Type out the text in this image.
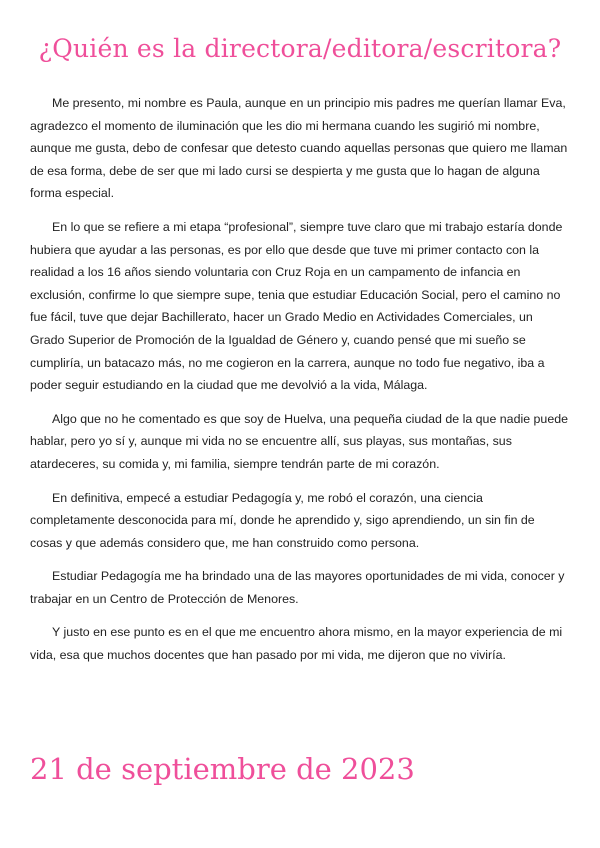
¿Quién es la directora/editora/escritora?

Me presento, mi nombre es Paula, aunque en un principio mis padres me querían llamar Eva, agradezco el momento de iluminación que les dio mi hermana cuando les sugirió mi nombre, aunque me gusta, debo de confesar que detesto cuando aquellas personas que quiero me llaman de esa forma, debe de ser que mi lado cursi se despierta y me gusta que lo hagan de alguna forma especial.

En lo que se refiere a mi etapa “profesional”, siempre tuve claro que mi trabajo estaría donde hubiera que ayudar a las personas, es por ello que desde que tuve mi primer contacto con la realidad a los 16 años siendo voluntaria con Cruz Roja en un campamento de infancia en exclusión, confirme lo que siempre supe, tenia que estudiar Educación Social, pero el camino no fue fácil, tuve que dejar Bachillerato, hacer un Grado Medio en Actividades Comerciales, un Grado Superior de Promoción de la Igualdad de Género y, cuando pensé que mi sueño se cumpliría, un batacazo más, no me cogieron en la carrera, aunque no todo fue negativo, iba a poder seguir estudiando en la ciudad que me devolvió a la vida, Málaga.

Algo que no he comentado es que soy de Huelva, una pequeña ciudad de la que nadie puede hablar, pero yo sí y, aunque mi vida no se encuentre allí, sus playas, sus montañas, sus atardeceres, su comida y, mi familia, siempre tendrán parte de mi corazón.

En definitiva, empecé a estudiar Pedagogía y, me robó el corazón, una ciencia completamente desconocida para mí, donde he aprendido y, sigo aprendiendo, un sin fin de cosas y que además considero que, me han construido como persona.

Estudiar Pedagogía me ha brindado una de las mayores oportunidades de mi vida, conocer y trabajar en un Centro de Protección de Menores.

Y justo en ese punto es en el que me encuentro ahora mismo, en la mayor experiencia de mi vida, esa que muchos docentes que han pasado por mi vida, me dijeron que no viviría.

21 de septiembre de 2023
